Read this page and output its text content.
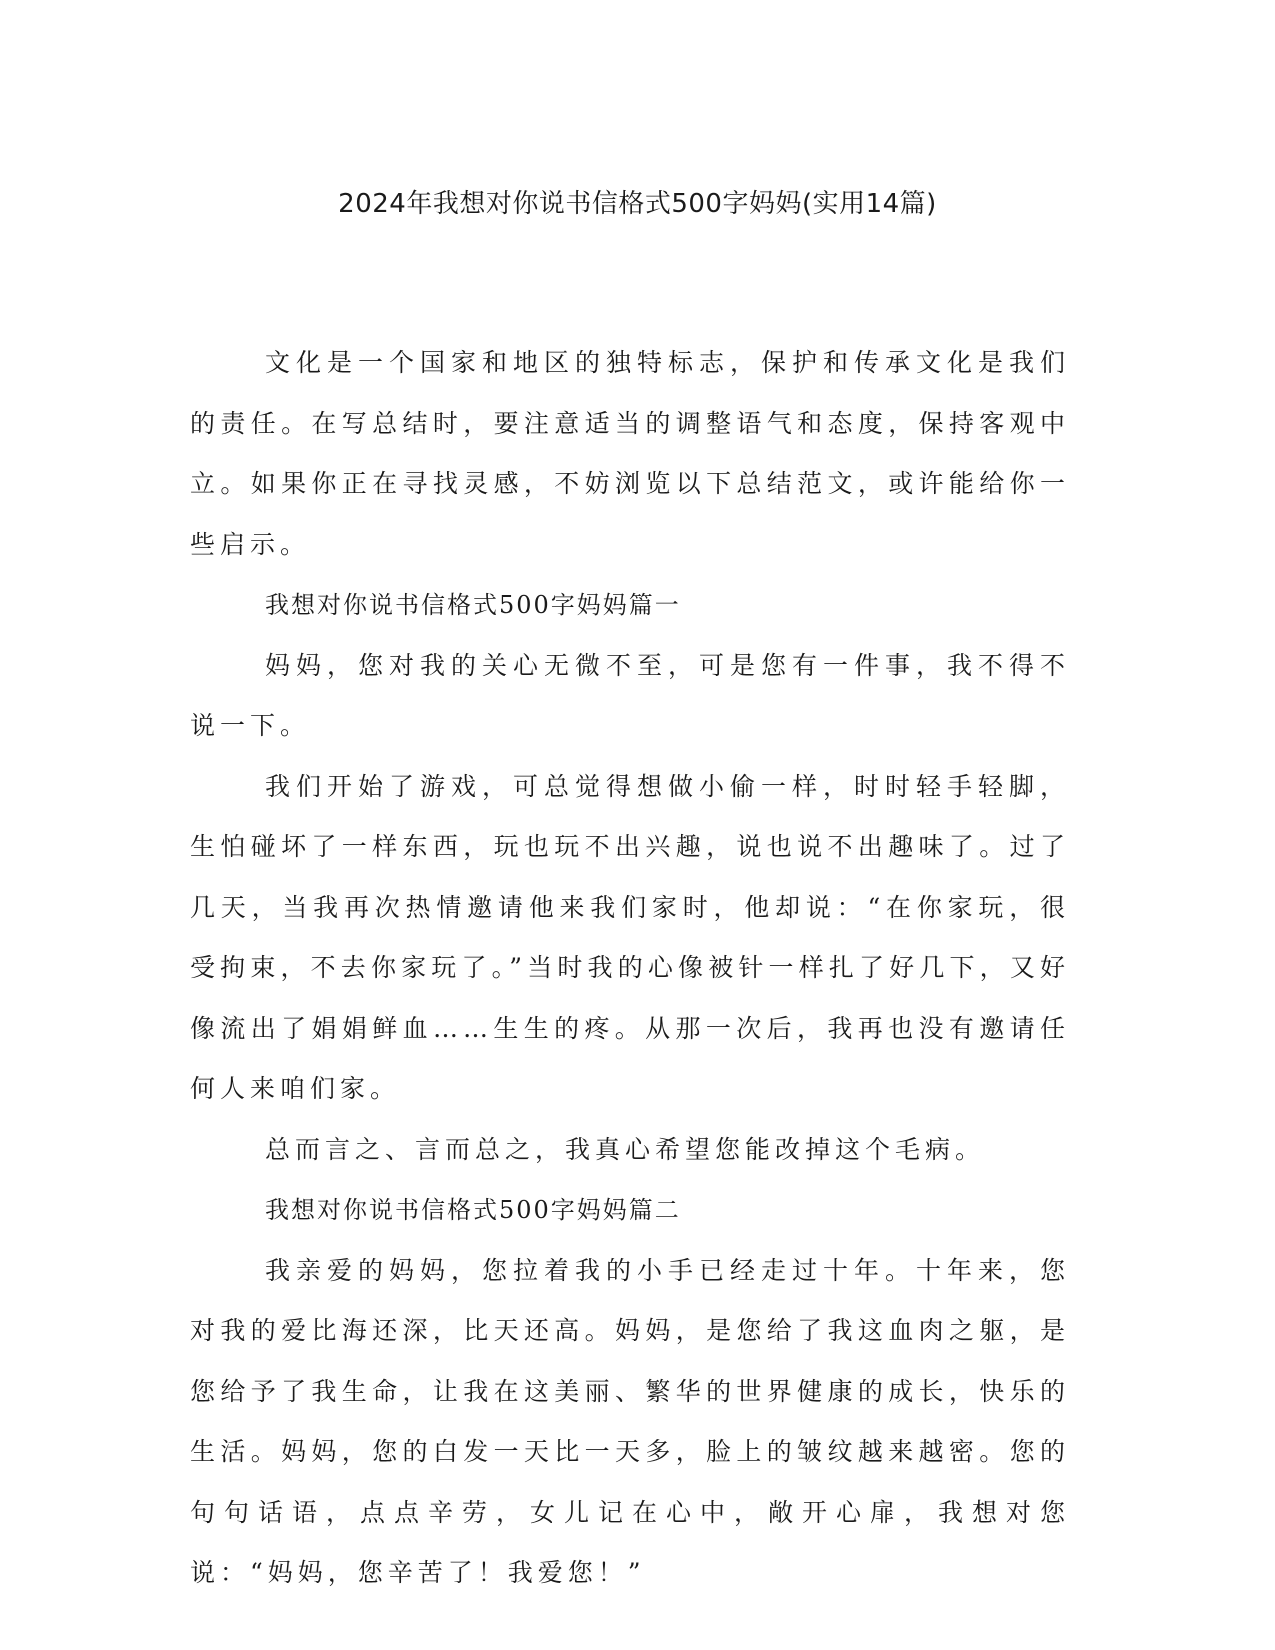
2024年我想对你说书信格式500字妈妈(实用14篇)

文化是一个国家和地区的独特标志，保护和传承文化是我们的责任。在写总结时，要注意适当的调整语气和态度，保持客观中立。如果你正在寻找灵感，不妨浏览以下总结范文，或许能给你一些启示。

我想对你说书信格式500字妈妈篇一

妈妈，您对我的关心无微不至，可是您有一件事，我不得不说一下。

我们开始了游戏，可总觉得想做小偷一样，时时轻手轻脚，生怕碰坏了一样东西，玩也玩不出兴趣，说也说不出趣味了。过了几天，当我再次热情邀请他来我们家时，他却说：“在你家玩，很受拘束，不去你家玩了。”当时我的心像被针一样扎了好几下，又好像流出了娟娟鲜血……生生的疼。从那一次后，我再也没有邀请任何人来咱们家。

总而言之、言而总之，我真心希望您能改掉这个毛病。

我想对你说书信格式500字妈妈篇二

我亲爱的妈妈，您拉着我的小手已经走过十年。十年来，您对我的爱比海还深，比天还高。妈妈，是您给了我这血肉之躯，是您给予了我生命，让我在这美丽、繁华的世界健康的成长，快乐的生活。妈妈，您的白发一天比一天多，脸上的皱纹越来越密。您的句句话语，点点辛劳，女儿记在心中，敞开心扉，我想对您说：“妈妈，您辛苦了！我爱您！”
